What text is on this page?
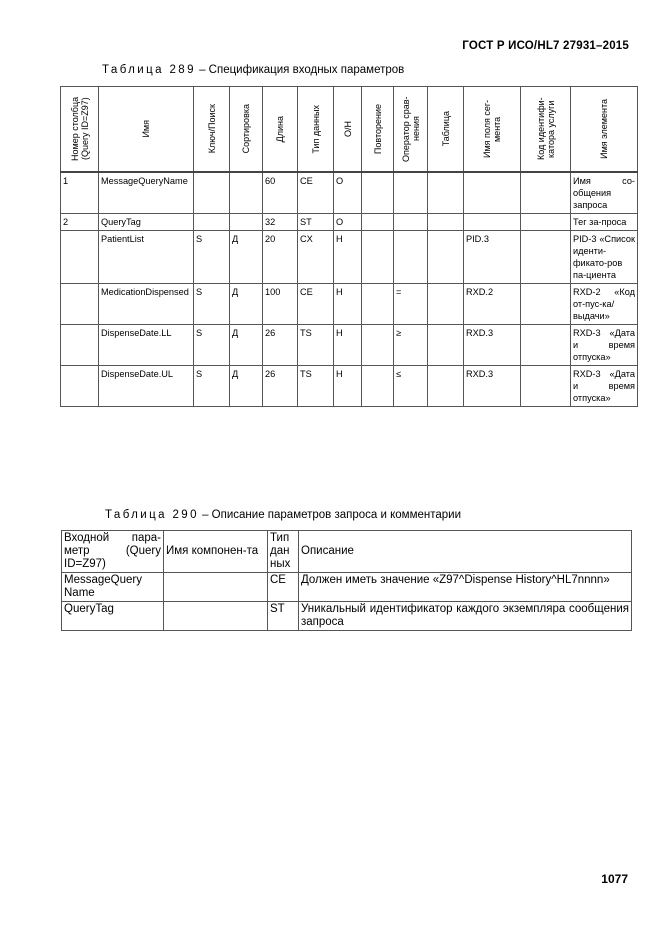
ГОСТ Р ИСО/HL7 27931–2015
Таблица 289 – Спецификация входных параметров
Номер столбца (Query ID=Z97)	Имя	Ключ/Поиск	Сортировка	Длина	Тип данных	О/Н	Повторение	Оператор срав-нения	Таблица	Имя поля сег-мента	Код идентифи-катора услуги	Имя элемента

1	MessageQueryName			60	CE	О						Имя со-общения запроса
2	QueryTag			32	ST	О						Тег за-проса
	PatientList	S	Д	20	CX	Н				PID.3		PID-3 «Список иденти-фикато-ров па-циента
	MedicationDispensed	S	Д	100	CE	Н		=		RXD.2		RXD-2 «Код от-пус-ка/выдачи»
	DispenseDate.LL	S	Д	26	TS	Н		≥		RXD.3		RXD-3 «Дата и время отпуска»
	DispenseDate.UL	S	Д	26	TS	Н		≤		RXD.3		RXD-3 «Дата и время отпуска»
Таблица 290 – Описание параметров запроса и комментарии
Входной пара-метр (Query ID=Z97)	Имя компонен-та	Тип дан ных	Описание
MessageQuery Name		CE	Должен иметь значение «Z97^Dispense History^HL7nnnn»
QueryTag		ST	Уникальный идентификатор каждого экземпляра сообщения запроса
1077
